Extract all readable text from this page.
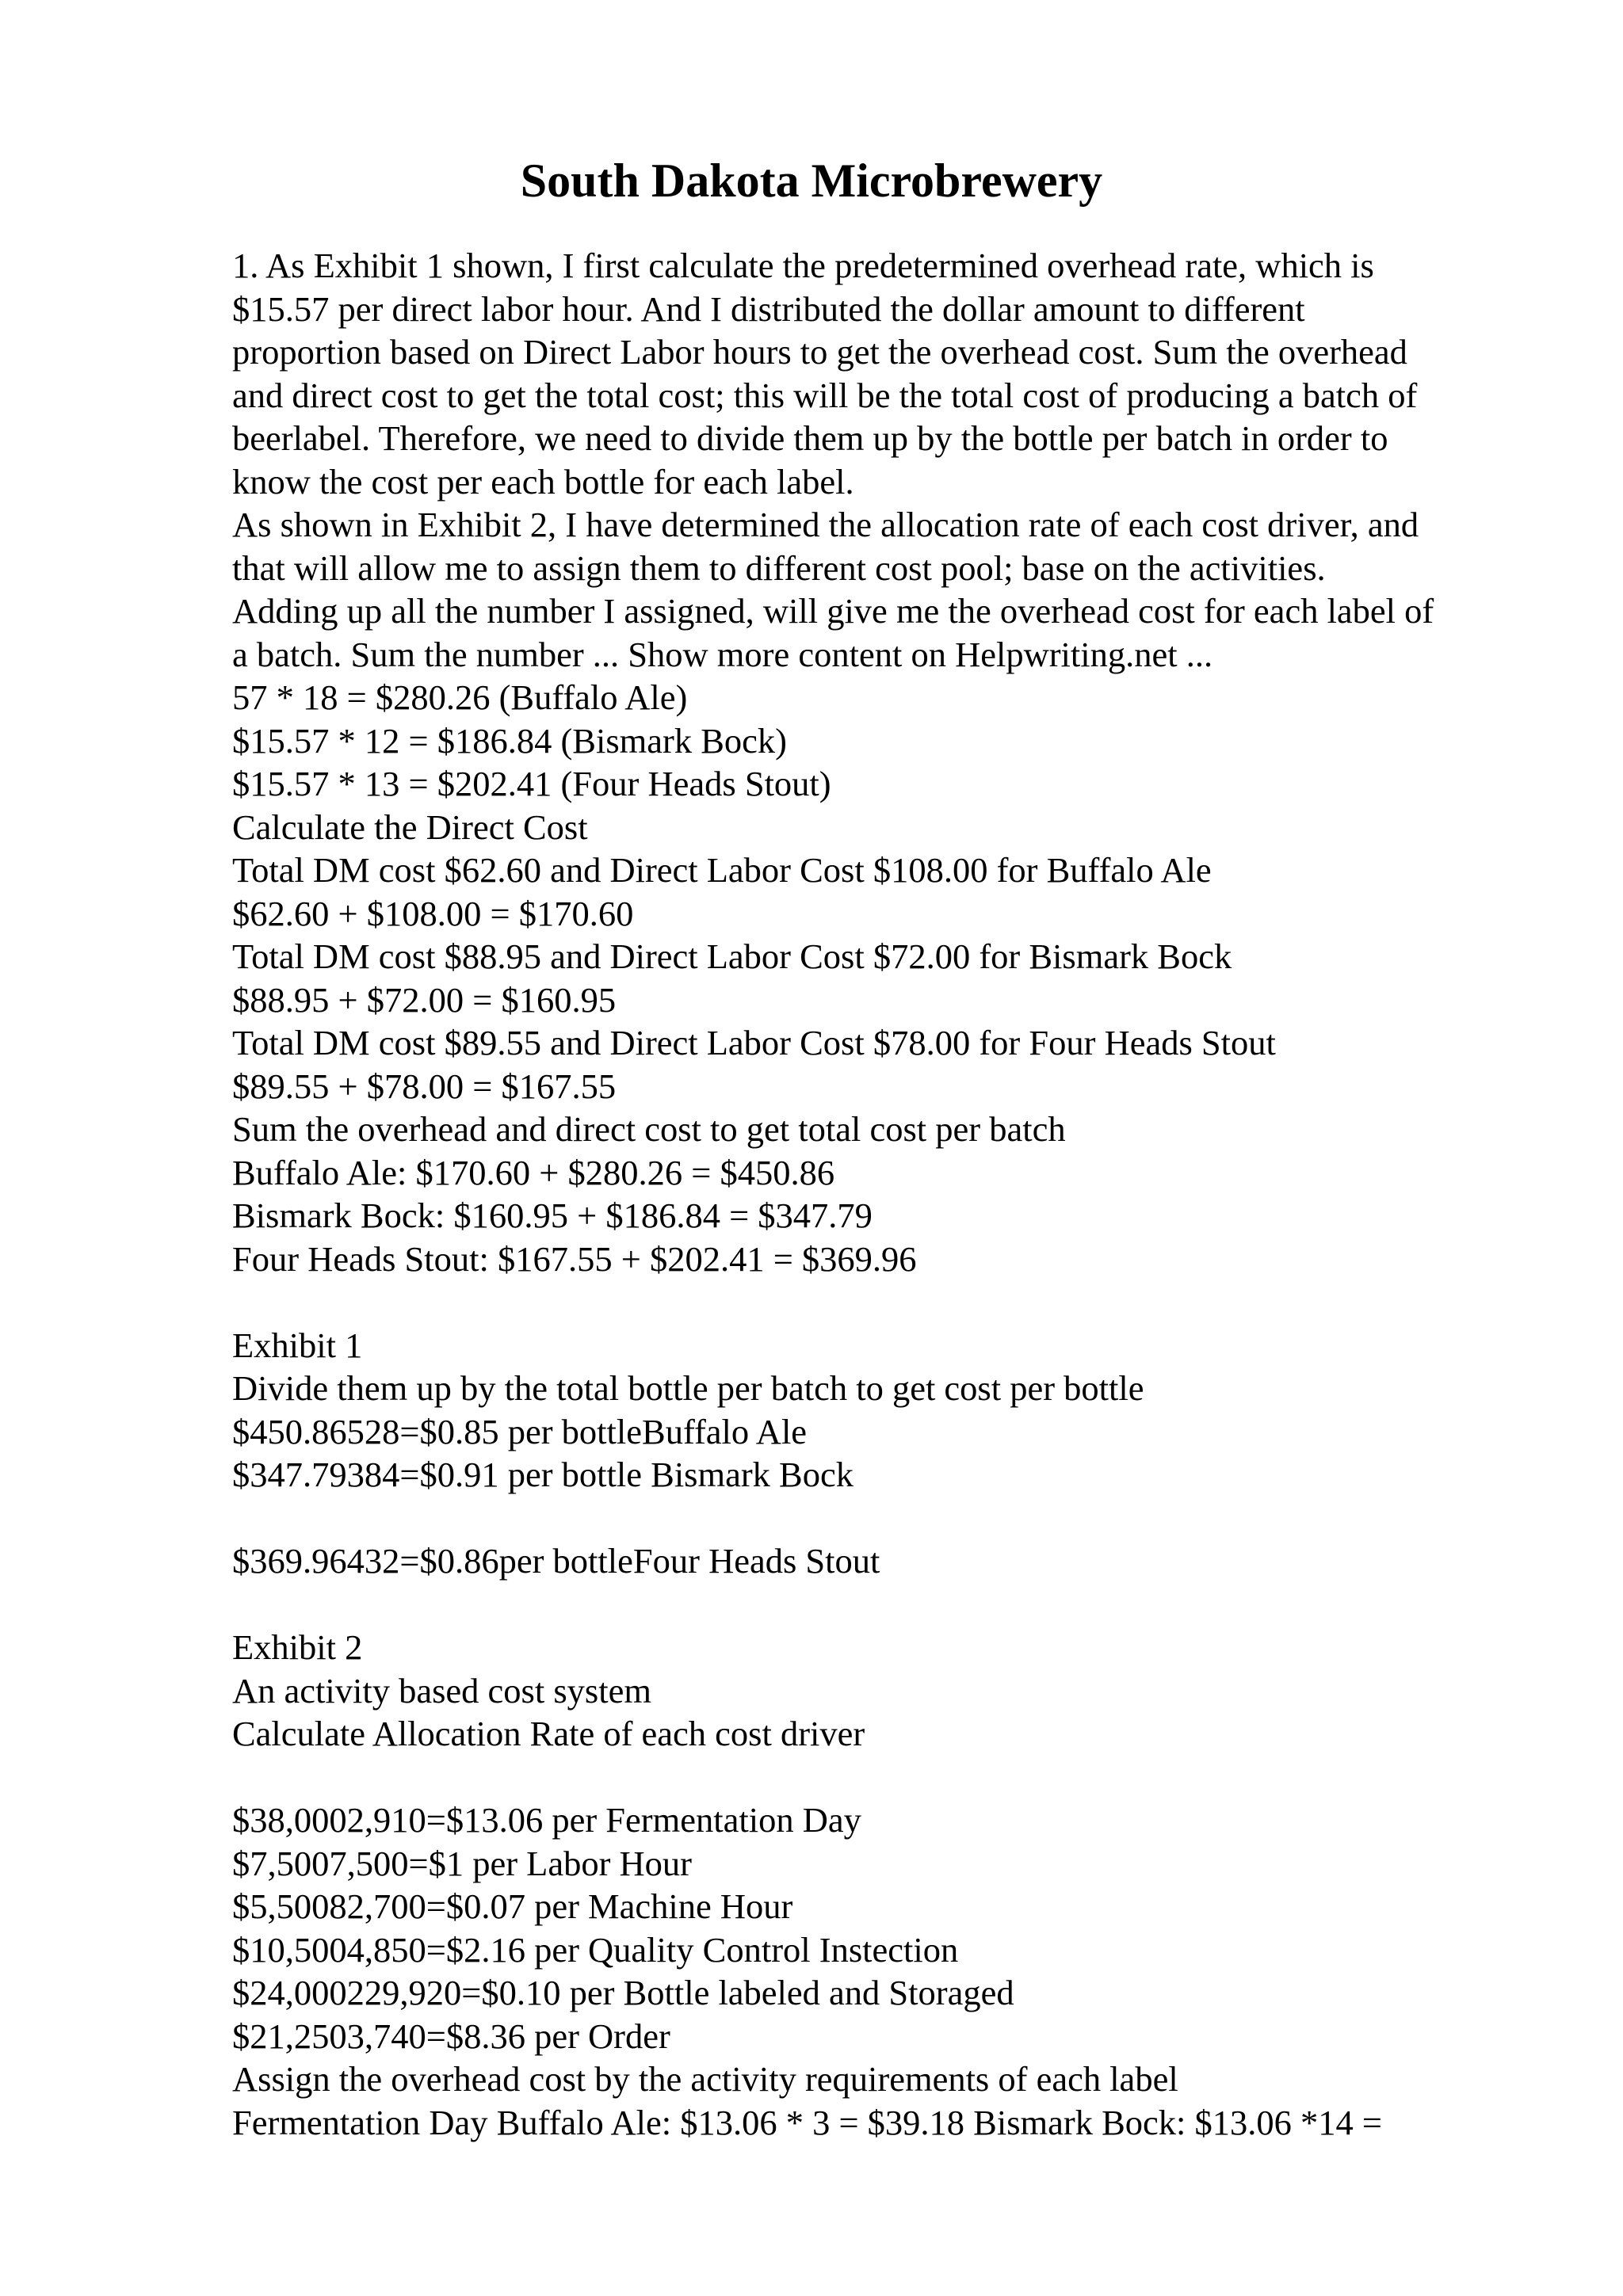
South Dakota Microbrewery
1. As Exhibit 1 shown, I first calculate the predetermined overhead rate, which is
$15.57 per direct labor hour. And I distributed the dollar amount to different
proportion based on Direct Labor hours to get the overhead cost. Sum the overhead
and direct cost to get the total cost; this will be the total cost of producing a batch of
beerlabel. Therefore, we need to divide them up by the bottle per batch in order to
know the cost per each bottle for each label.
As shown in Exhibit 2, I have determined the allocation rate of each cost driver, and
that will allow me to assign them to different cost pool; base on the activities.
Adding up all the number I assigned, will give me the overhead cost for each label of
a batch. Sum the number ... Show more content on Helpwriting.net ...
57 * 18 = $280.26 (Buffalo Ale)
$15.57 * 12 = $186.84 (Bismark Bock)
$15.57 * 13 = $202.41 (Four Heads Stout)
Calculate the Direct Cost
Total DM cost $62.60 and Direct Labor Cost $108.00 for Buffalo Ale
$62.60 + $108.00 = $170.60
Total DM cost $88.95 and Direct Labor Cost $72.00 for Bismark Bock
$88.95 + $72.00 = $160.95
Total DM cost $89.55 and Direct Labor Cost $78.00 for Four Heads Stout
$89.55 + $78.00 = $167.55
Sum the overhead and direct cost to get total cost per batch
Buffalo Ale: $170.60 + $280.26 = $450.86
Bismark Bock: $160.95 + $186.84 = $347.79
Four Heads Stout: $167.55 + $202.41 = $369.96
Exhibit 1
Divide them up by the total bottle per batch to get cost per bottle
$450.86528=$0.85 per bottleBuffalo Ale
$347.79384=$0.91 per bottle Bismark Bock
$369.96432=$0.86per bottleFour Heads Stout
Exhibit 2
An activity based cost system
Calculate Allocation Rate of each cost driver
$38,0002,910=$13.06 per Fermentation Day
$7,5007,500=$1 per Labor Hour
$5,50082,700=$0.07 per Machine Hour
$10,5004,850=$2.16 per Quality Control Instection
$24,000229,920=$0.10 per Bottle labeled and Storaged
$21,2503,740=$8.36 per Order
Assign the overhead cost by the activity requirements of each label
Fermentation Day Buffalo Ale: $13.06 * 3 = $39.18 Bismark Bock: $13.06 *14 =
